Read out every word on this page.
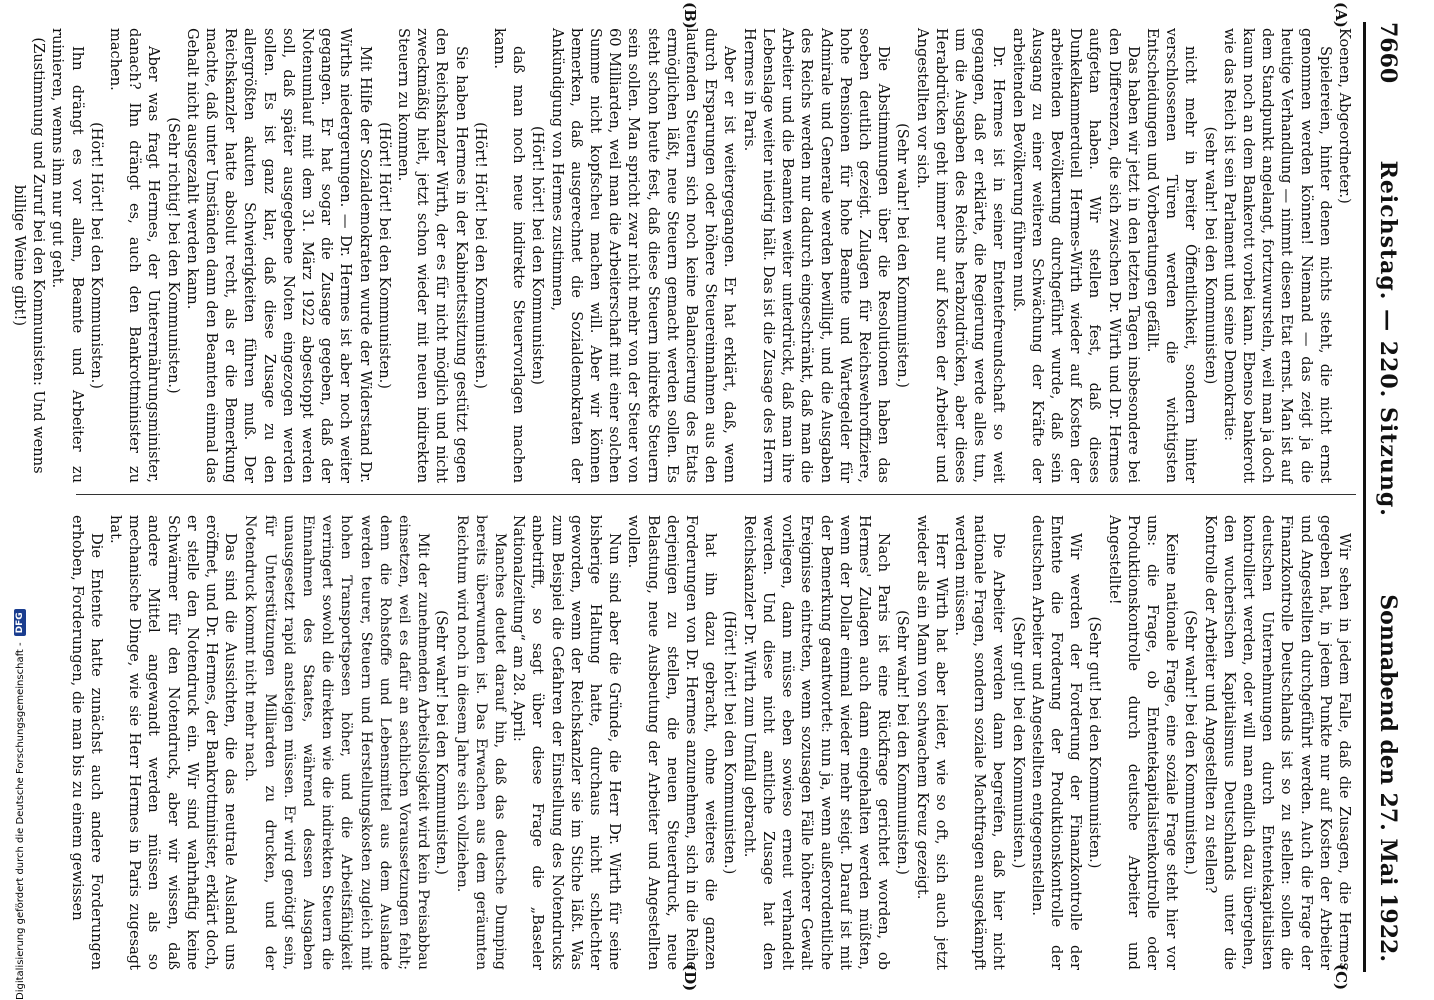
7660
Reichstag. — 220. Sitzung.
Sonnabend den 27. Mai 1922.
(A)
(B)
(C)
(D)

Koenen, Abgeordneter.)

Spielereien, hinter denen nichts steht, die nicht ernst genommen werden können! Niemand — das zeigt ja die heutige Verhandlung — nimmt diesen Etat ernst. Man ist auf dem Standpunkt angelangt, fortzuwursteln, weil man ja doch kaum noch an dem Bankerott vorbei kann. Ebenso bankerott wie das Reich ist sein Parlament und seine Demokratie:

(sehr wahr! bei den Kommunisten)

nicht mehr in breiter Öffentlichkeit, sondern hinter verschlossenen Türen werden die wichtigsten Entscheidungen und Vorberatungen gefällt.

Das haben wir jetzt in den letzten Tagen insbesondere bei den Differenzen, die sich zwischen Dr. Wirth und Dr. Hermes aufgetan haben. Wir stellen fest, daß dieses Dunkelkammerduell Hermes-Wirth wieder auf Kosten der arbeitenden Bevölkerung durchgeführt wurde, daß sein Ausgang zu einer weiteren Schwächung der Kräfte der arbeitenden Bevölkerung führen muß.

Dr. Hermes ist in seiner Ententefreundschaft so weit gegangen, daß er erklärte, die Regierung werde alles tun, um die Ausgaben des Reichs herabzudrücken, aber dieses Herabdrücken geht immer nur auf Kosten der Arbeiter und Angestellten vor sich.

(Sehr wahr! bei den Kommunisten.)

Die Abstimmungen über die Resolutionen haben das soeben deutlich gezeigt. Zulagen für Reichswehroffiziere, hohe Pensionen für hohe Beamte und Wartegelder für Admirale und Generale werden bewilligt, und die Ausgaben des Reichs werden nur dadurch eingeschränkt, daß man die Arbeiter und die Beamten weiter unterdrückt, daß man ihre Lebenslage weiter niedrig hält. Das ist die Zusage des Herrn Hermes in Paris.

Aber er ist weitergegangen. Er hat erklärt, daß, wenn durch Ersparungen oder höhere Steuereinnahmen aus den laufenden Steuern sich noch keine Balancierung des Etats ermöglichen läßt, neue Steuern gemacht werden sollen. Es steht schon heute fest, daß diese Steuern indirekte Steuern sein sollen. Man spricht zwar nicht mehr von der Steuer von 60 Milliarden, weil man die Arbeiterschaft mit einer solchen Summe nicht kopfscheu machen will. Aber wir können bemerken, daß ausgerechnet die Sozialdemokraten der Ankündigung von Hermes zustimmen,

(Hört! hört! bei den Kommunisten)

daß man noch neue indirekte Steuervorlagen machen kann.

(Hört! Hört! bei den Kommunisten.)

Sie haben Hermes in der Kabinettssitzung gestützt gegen den Reichskanzler Wirth, der es für nicht möglich und nicht zweckmäßig hielt, jetzt schon wieder mit neuen indirekten Steuern zu kommen.

(Hört! Hört! bei den Kommunisten.)

Mit Hilfe der Sozialdemokraten wurde der Widerstand Dr. Wirths niedergerungen. — Dr. Hermes ist aber noch weiter gegangen. Er hat sogar die Zusage gegeben, daß der Notenumlauf mit dem 31. März 1922 abgestoppt werden soll, daß später ausgegebene Noten eingezogen werden sollen. Es ist ganz klar, daß diese Zusage zu den allergrößten akuten Schwierigkeiten führen muß. Der Reichskanzler hatte absolut recht, als er die Bemerkung machte, daß unter Umständen dann den Beamten einmal das Gehalt nicht ausgezahlt werden kann.

(Sehr richtig! bei den Kommunisten.)

Aber was fragt Hermes, der Unterernährungsminister, danach? Ihn drängt es, auch den Bankrottminister zu machen.

(Hört! Hört! bei den Kommunisten.)

Ihn drängt es vor allem, Beamte und Arbeiter zu ruinieren, wenns ihm nur gut geht.

(Zustimmung und Zuruf bei den Kommunisten: Und wenns billige Weine gibt!)

Wir sehen in jedem Falle, daß die Zusagen, die Hermes gegeben hat, in jedem Punkte nur auf Kosten der Arbeiter und Angestellten durchgeführt werden. Auch die Frage der Finanzkontrolle Deutschlands ist so zu stellen: sollen die deutschen Unternehmungen durch Ententekapitalisten kontrolliert werden, oder will man endlich dazu übergehen, den wucherischen Kapitalismus Deutschlands unter die Kontrolle der Arbeiter und Angestellten zu stellen?

(Sehr wahr! bei den Kommunisten.)

Keine nationale Frage, eine soziale Frage steht hier vor uns: die Frage, ob Ententekapitalistenkontrolle oder Produktionskontrolle durch deutsche Arbeiter und Angestellte!

(Sehr gut! bei den Kommunisten.)

Wir werden der Forderung der Finanzkontrolle der Entente die Forderung der Produktionskontrolle der deutschen Arbeiter und Angestellten entgegenstellen.

(Sehr gut! bei den Kommunisten.)

Die Arbeiter werden dann begreifen, daß hier nicht nationale Fragen, sondern soziale Machtfragen ausgekämpft werden müssen.

Herr Wirth hat aber leider, wie so oft, sich auch jetzt wieder als ein Mann von schwachem Kreuz gezeigt.

(Sehr wahr! bei den Kommunisten.)

Nach Paris ist eine Rückfrage gerichtet worden, ob Hermes' Zulagen auch dann eingehalten werden müßten, wenn der Dollar einmal wieder mehr steigt. Darauf ist mit der Bemerkung geantwortet: nun ja, wenn außerordentliche Ereignisse eintreten, wenn sozusagen Fälle höherer Gewalt vorliegen, dann müsse eben sowieso erneut verhandelt werden. Und diese nicht amtliche Zusage hat den Reichskanzler Dr. Wirth zum Umfall gebracht.

(Hört! hört! bei den Kommunisten.)

hat ihn dazu gebracht, ohne weiteres die ganzen Forderungen von Dr. Hermes anzunehmen, sich in die Reihe derjenigen zu stellen, die neuen Steuerdruck, neue Belastung, neue Ausbeutung der Arbeiter und Angestellten wollen.

Nun sind aber die Gründe, die Herr Dr. Wirth für seine bisherige Haltung hatte, durchaus nicht schlechter geworden, wenn der Reichskanzler sie im Stiche läßt. Was zum Beispiel die Gefahren der Einstellung des Notendrucks anbetrifft, so sagt über diese Frage die „Baseler Nationalzeitung“ am 28. April:

Manches deutet darauf hin, daß das deutsche Dumping bereits überwunden ist. Das Erwachen aus dem geräumten Reichtum wird noch in diesem Jahre sich vollziehen.

(Sehr wahr! bei den Kommunisten.)

Mit der zunehmenden Arbeitslosigkeit wird kein Preisabbau einsetzen, weil es dafür an sachlichen Voraussetzungen fehlt; denn die Rohstoffe und Lebensmittel aus dem Auslande werden teurer, Steuern und Herstellungskosten zugleich mit hohen Transportspesen höher, und die Arbeitsfähigkeit verringert sowohl die direkten wie die indirekten Steuern die Einnahmen des Staates, während dessen Ausgaben unausgesetzt rapid ansteigen müssen. Er wird genötigt sein, für Unterstützungen Milliarden zu drucken, und der Notendruck kommt nicht mehr nach.

Das sind die Aussichten, die das neutrale Ausland uns eröffnet, und Dr. Hermes, der Bankrottminister, erklärt doch, er stelle den Notendruck ein. Wir sind wahrhaftig keine Schwärmer für den Notendruck, aber wir wissen, daß andere Mittel angewandt werden müssen als so mechanische Dinge, wie sie Herr Hermes in Paris zugesagt hat.

Die Entente hatte zunächst auch andere Forderungen erhoben, Forderungen, die man bis zu einem gewissen

Digitalisierung gefördert durch die Deutsche Forschungsgemeinschaft -
DFG
